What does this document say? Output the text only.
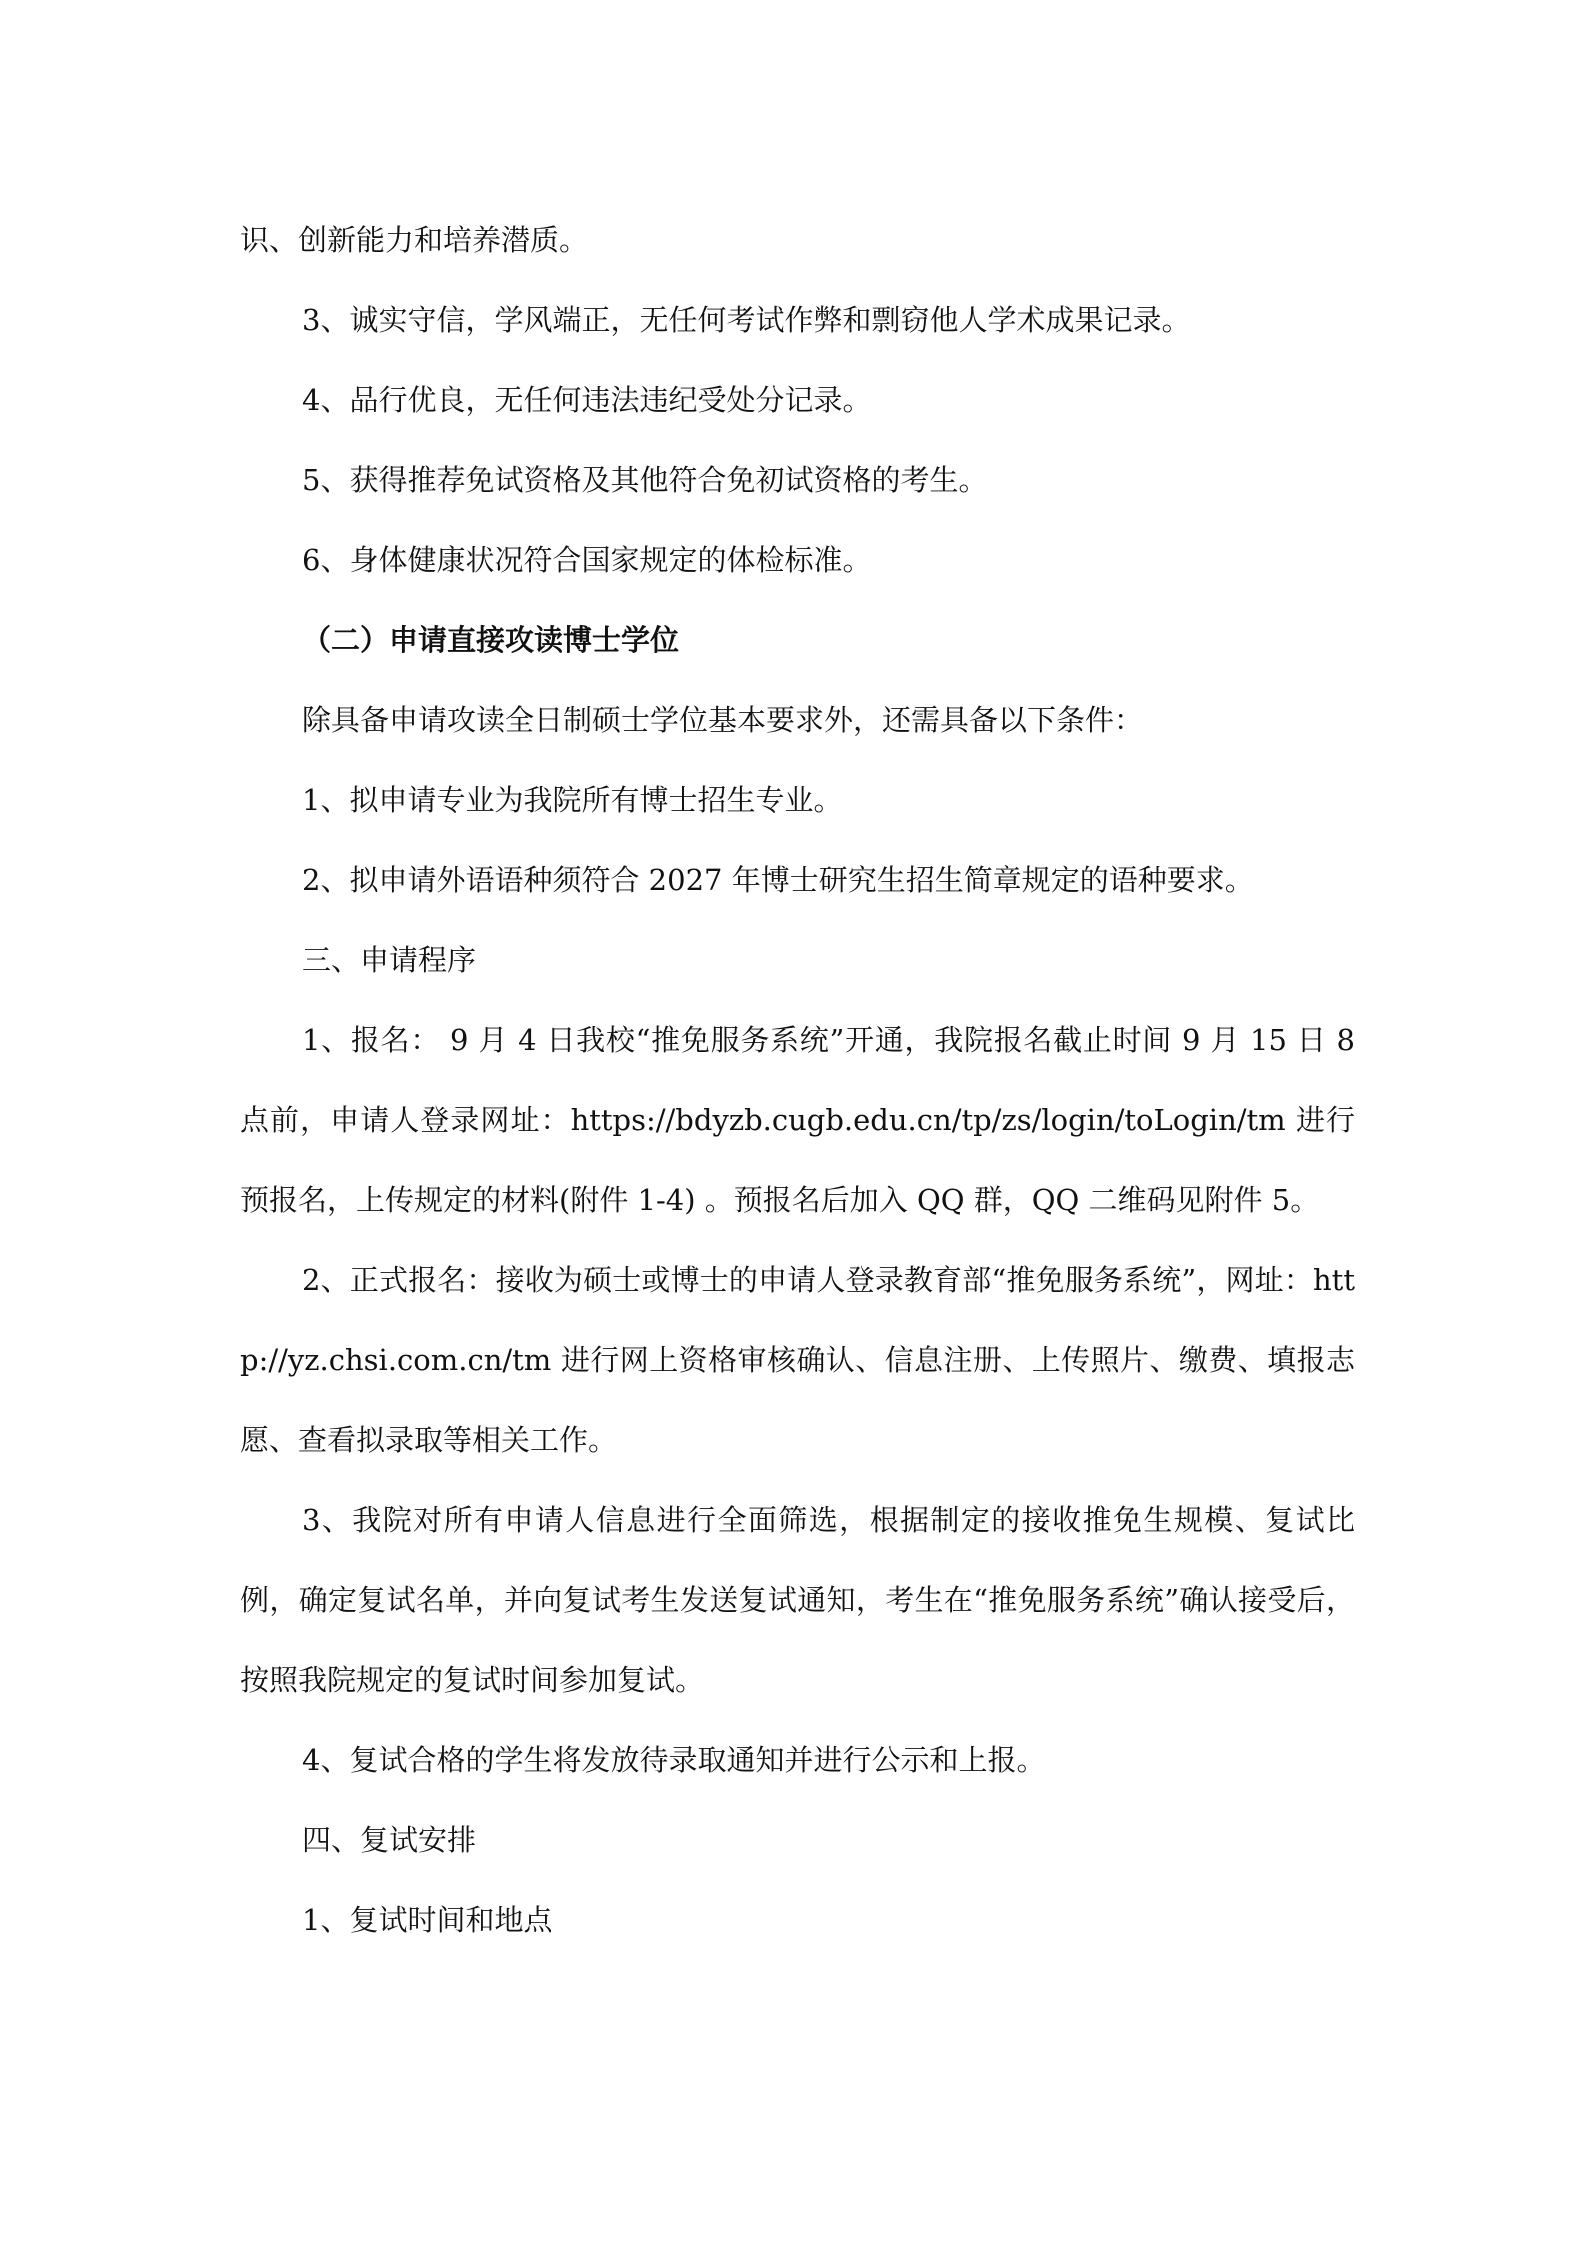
识、创新能力和培养潜质。

3、诚实守信，学风端正，无任何考试作弊和剽窃他人学术成果记录。

4、品行优良，无任何违法违纪受处分记录。

5、获得推荐免试资格及其他符合免初试资格的考生。

6、身体健康状况符合国家规定的体检标准。

（二）申请直接攻读博士学位

除具备申请攻读全日制硕士学位基本要求外，还需具备以下条件：

1、拟申请专业为我院所有博士招生专业。

2、拟申请外语语种须符合 2027 年博士研究生招生简章规定的语种要求。

三、申请程序

1、报名： 9 月 4 日我校“推免服务系统”开通，我院报名截止时间 9 月 15 日 8 点前，申请人登录网址：https://bdyzb.cugb.edu.cn/tp/zs/login/toLogin/tm 进行预报名，上传规定的材料(附件 1-4) 。预报名后加入 QQ 群，QQ 二维码见附件 5。

2、正式报名：接收为硕士或博士的申请人登录教育部“推免服务系统”，网址：http://yz.chsi.com.cn/tm 进行网上资格审核确认、信息注册、上传照片、缴费、填报志愿、查看拟录取等相关工作。

3、我院对所有申请人信息进行全面筛选，根据制定的接收推免生规模、复试比例，确定复试名单，并向复试考生发送复试通知，考生在“推免服务系统”确认接受后，按照我院规定的复试时间参加复试。

4、复试合格的学生将发放待录取通知并进行公示和上报。

四、复试安排

1、复试时间和地点
